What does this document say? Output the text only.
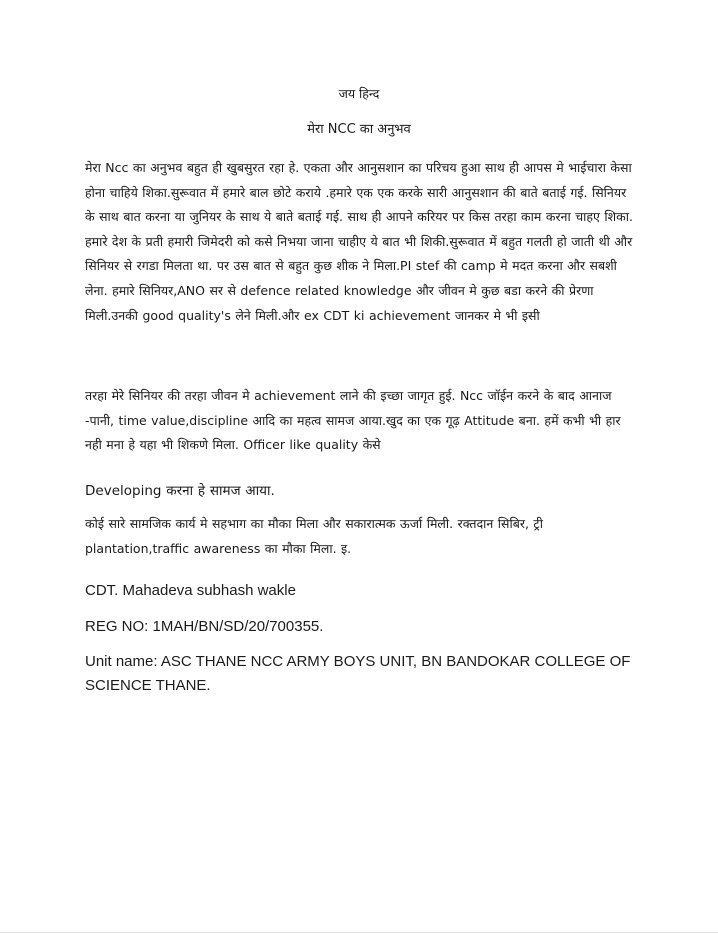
जय हिन्द
मेरा NCC का अनुभव

मेरा Ncc का अनुभव बहुत ही खुबसुरत रहा हे. एकता और आनुसशान का परिचय हुआ साथ ही आपस मे भाईचारा केसा होना चाहिये शिका.सुरूवात में हमारे बाल छोटे कराये .हमारे एक एक करके सारी आनुसशान की बाते बताई गई. सिनियर के साथ बात करना या जुनियर के साथ ये बाते बताई गई. साथ ही आपने करियर पर किस तरहा काम करना चाहए शिका. हमारे देश के प्रती हमारी जिमेदरी को कसे निभया जाना चाहीए ये बात भी शिकी.सुरूवात में बहुत गलती हो जाती थी और सिनियर से रगडा मिलता था. पर उस बात से बहुत कुछ शीक ने मिला.PI stef की camp मे मदत करना और सबशी लेना. हमारे सिनियर,ANO सर से defence related knowledge और जीवन मे कुछ बडा करने की प्रेरणा मिली.उनकी good quality's लेने मिली.और ex CDT ki achievement जानकर मे भी इसी

तरहा मेरे सिनियर की तरहा जीवन मे achievement लाने की इच्छा जागृत हुई. Ncc जॉईन करने के बाद आनाज -पानी, time value,discipline आदि का महत्व सामज आया.खुद का एक गूढ़ Attitude बना. हमें कभी भी हार नही मना हे यहा भी शिकणे मिला. Officer like quality केसे

Developing करना हे सामज आया.

कोई सारे सामजिक कार्य मे सहभाग का मौका मिला और सकारात्मक ऊर्जा मिली. रक्तदान सिबिर, ट्री plantation,traffic awareness का मौका मिला. इ.

CDT. Mahadeva subhash wakle

REG NO: 1MAH/BN/SD/20/700355.

Unit name: ASC THANE NCC ARMY BOYS UNIT, BN BANDOKAR COLLEGE OF SCIENCE THANE.
